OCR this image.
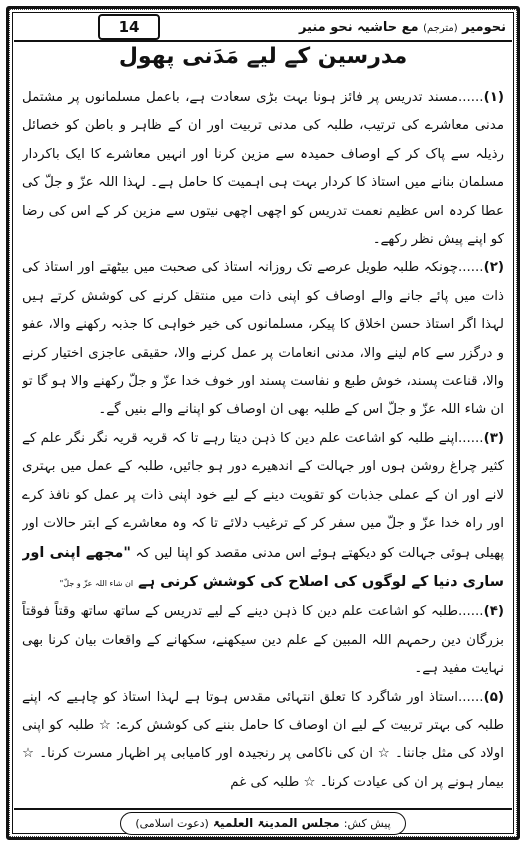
نحومیر (مترجم) مع حاشیہ نحو منیر
14
مدرسین کے لیے مَدَنی پھول

(۱)......مسند تدریس پر فائز ہونا بہت بڑی سعادت ہے، باعمل مسلمانوں پر مشتمل مدنی معاشرے کی ترتیب، طلبہ کی مدنی تربیت اور ان کے ظاہر و باطن کو خصائل رذیلہ سے پاک کر کے اوصاف حمیدہ سے مزین کرنا اور انہیں معاشرے کا ایک باکردار مسلمان بنانے میں استاذ کا کردار بہت ہی اہمیت کا حامل ہے۔ لہذا اللہ عزّ و جلّ کی عطا کردہ اس عظیم نعمت تدریس کو اچھی اچھی نیتوں سے مزین کر کے اس کی رضا کو اپنے پیش نظر رکھے۔

(۲)......چونکہ طلبہ طویل عرصے تک روزانہ استاذ کی صحبت میں بیٹھتے اور استاذ کی ذات میں پائے جانے والے اوصاف کو اپنی ذات میں منتقل کرنے کی کوشش کرتے ہیں لہذا اگر استاذ حسن اخلاق کا پیکر، مسلمانوں کی خیر خواہی کا جذبہ رکھنے والا، عفو و درگزر سے کام لینے والا، مدنی انعامات پر عمل کرنے والا، حقیقی عاجزی اختیار کرنے والا، قناعت پسند، خوش طبع و نفاست پسند اور خوف خدا عزّ و جلّ رکھنے والا ہو گا تو ان شاء اللہ عزّ و جلّ اس کے طلبہ بھی ان اوصاف کو اپنانے والے بنیں گے۔

(۳)......اپنے طلبہ کو اشاعت علم دین کا ذہن دیتا رہے تا کہ قریہ قریہ نگر نگر علم کے کثیر چراغ روشن ہوں اور جہالت کے اندھیرے دور ہو جائیں، طلبہ کے عمل میں بہتری لانے اور ان کے عملی جذبات کو تقویت دینے کے لیے خود اپنی ذات پر عمل کو نافذ کرے اور راہ خدا عزّ و جلّ میں سفر کر کے ترغیب دلائے تا کہ وہ معاشرے کے ابتر حالات اور پھیلی ہوئی جہالت کو دیکھتے ہوئے اس مدنی مقصد کو اپنا لیں کہ "مجھے اپنی اور ساری دنیا کے لوگوں کی اصلاح کی کوشش کرنی ہے ان شاء اللہ عزّ و جلّ"

(۴)......طلبہ کو اشاعت علم دین کا ذہن دینے کے لیے تدریس کے ساتھ ساتھ وقتاً فوقتاً بزرگان دین رحمہم اللہ المبین کے علم دین سیکھنے، سکھانے کے واقعات بیان کرنا بھی نہایت مفید ہے۔

(۵)......استاذ اور شاگرد کا تعلق انتہائی مقدس ہوتا ہے لہذا استاذ کو چاہیے کہ اپنے طلبہ کی بہتر تربیت کے لیے ان اوصاف کا حامل بننے کی کوشش کرے: ☆ طلبہ کو اپنی اولاد کی مثل جاننا۔ ☆ ان کی ناکامی پر رنجیدہ اور کامیابی پر اظہار مسرت کرنا۔ ☆ بیمار ہونے پر ان کی عیادت کرنا۔ ☆ طلبہ کی غم

پیش کش: مجلس المدینۃ العلمیۃ (دعوت اسلامی)
